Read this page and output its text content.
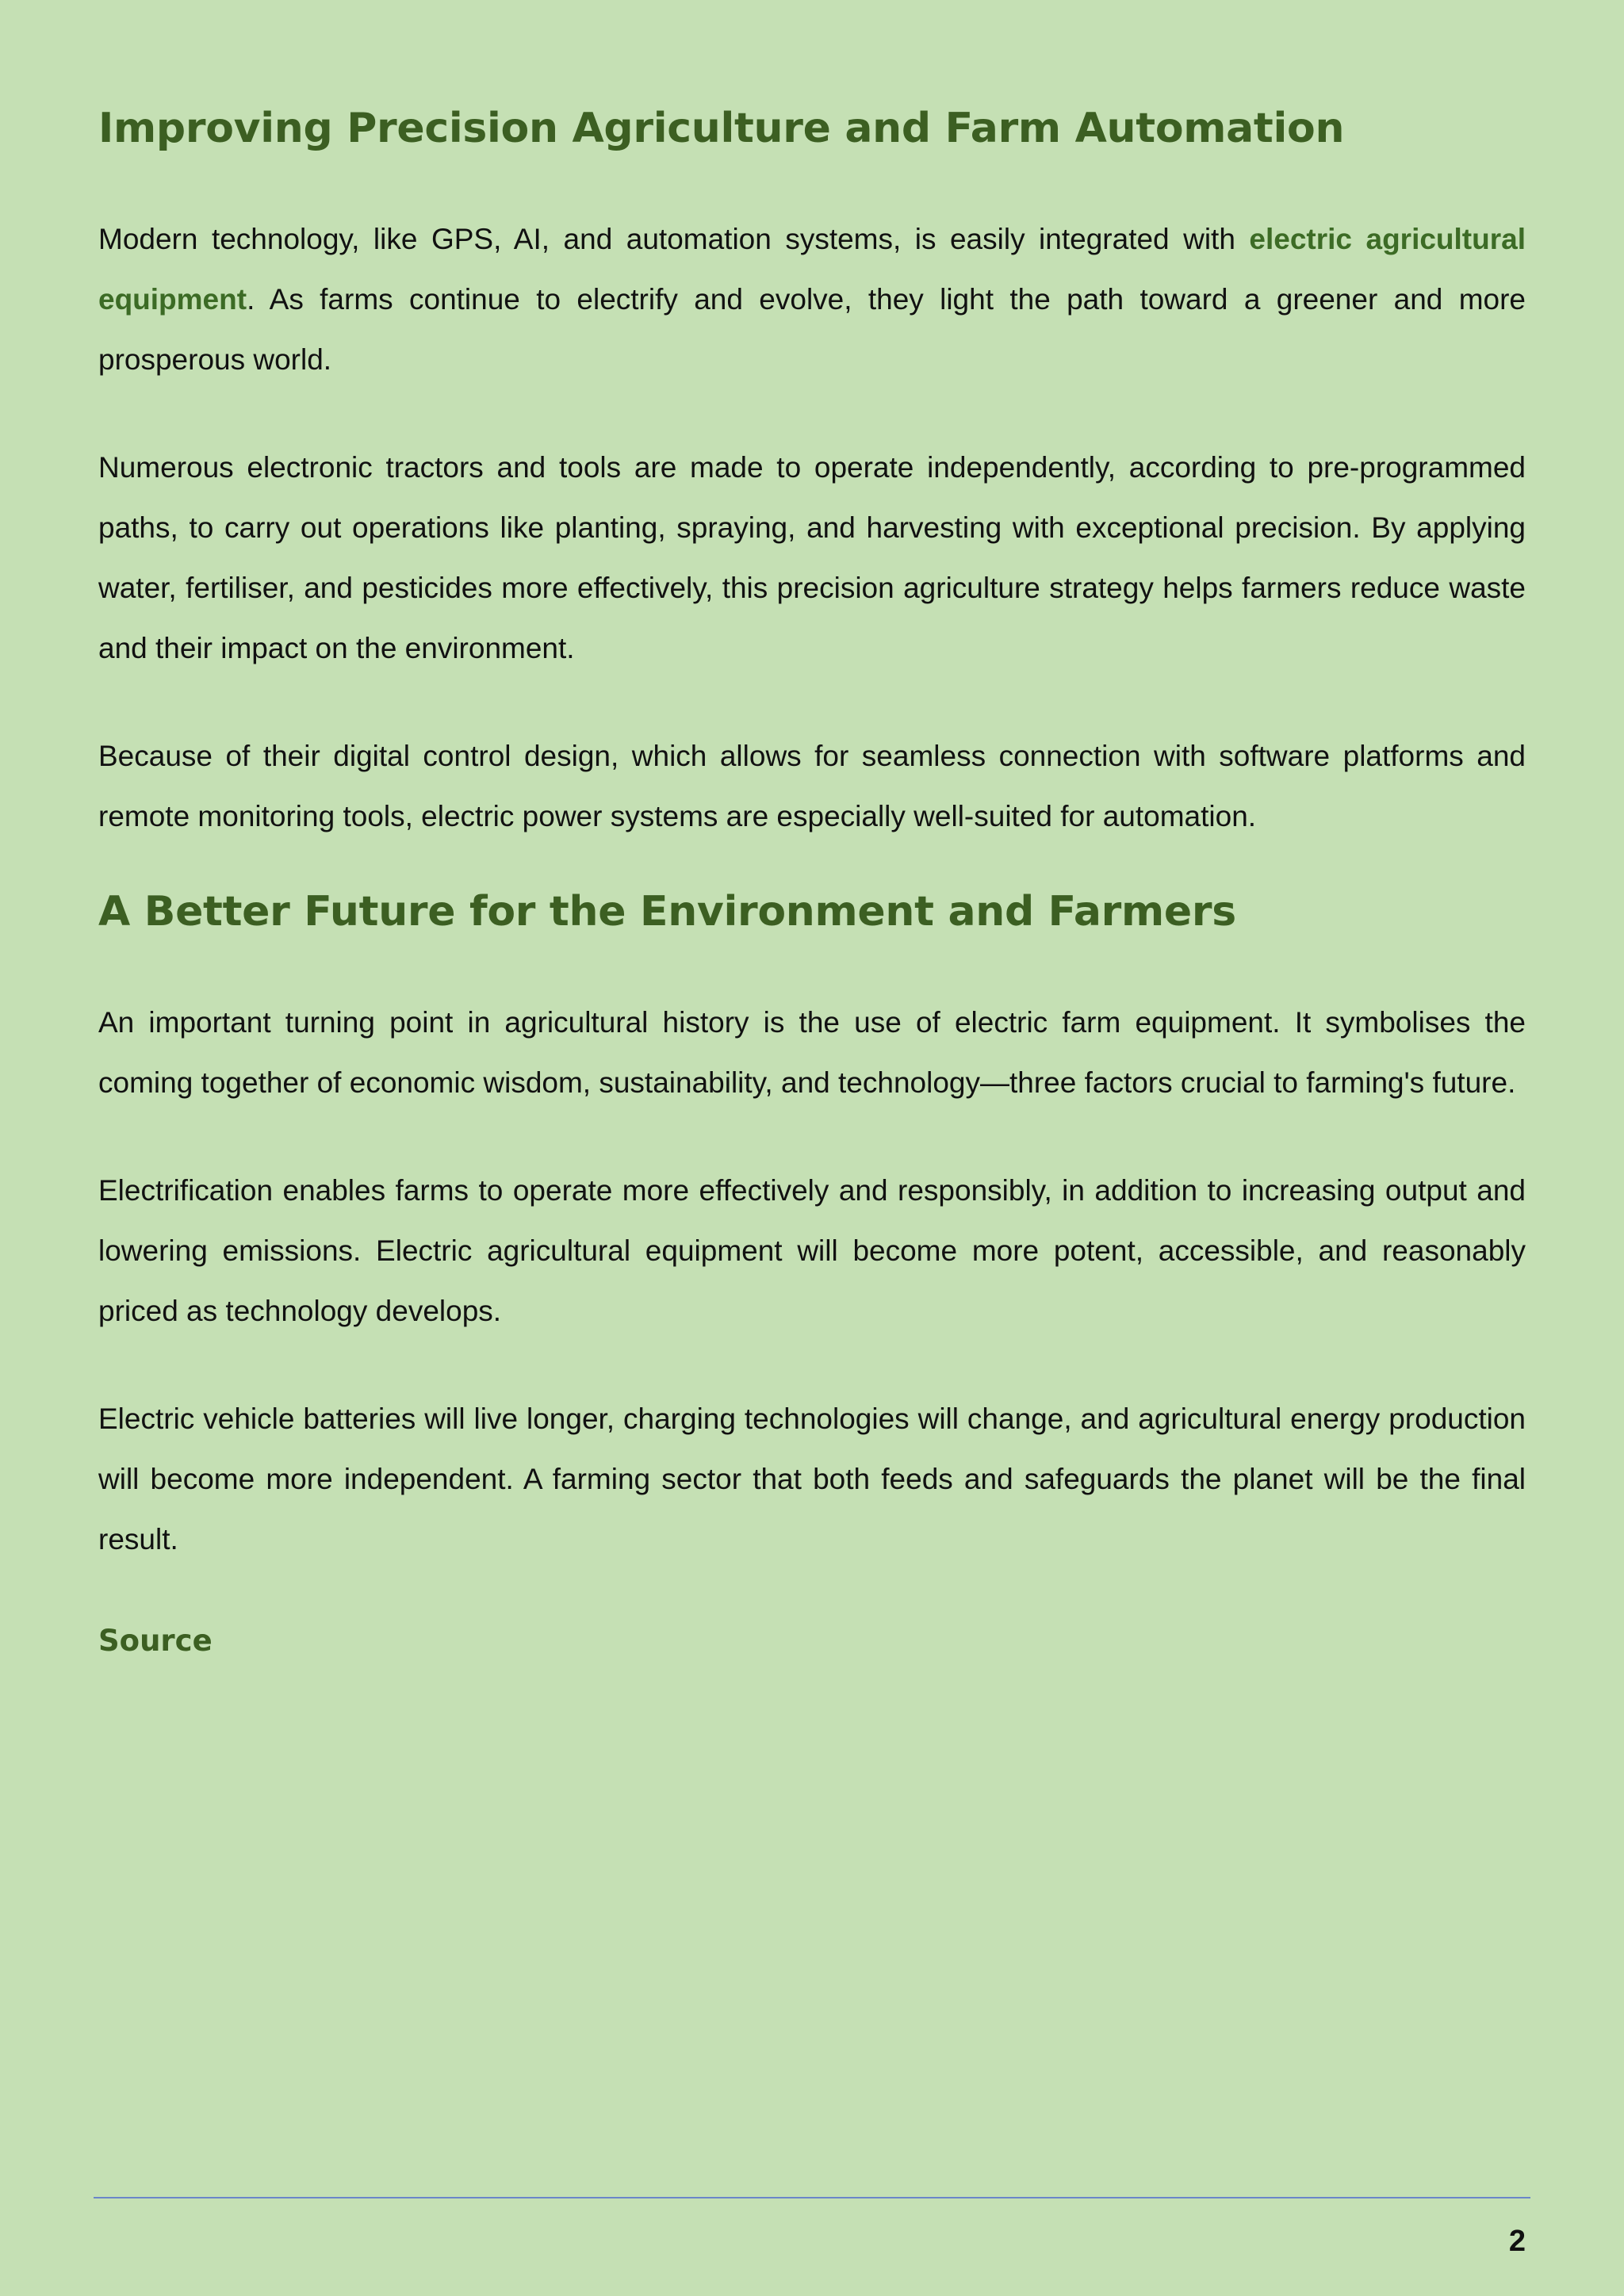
Improving Precision Agriculture and Farm Automation

Modern technology, like GPS, AI, and automation systems, is easily integrated with electric agricultural equipment. As farms continue to electrify and evolve, they light the path toward a greener and more prosperous world.

Numerous electronic tractors and tools are made to operate independently, according to pre-programmed paths, to carry out operations like planting, spraying, and harvesting with exceptional precision. By applying water, fertiliser, and pesticides more effectively, this precision agriculture strategy helps farmers reduce waste and their impact on the environment.

Because of their digital control design, which allows for seamless connection with software platforms and remote monitoring tools, electric power systems are especially well-suited for automation.

A Better Future for the Environment and Farmers

An important turning point in agricultural history is the use of electric farm equipment. It symbolises the coming together of economic wisdom, sustainability, and technology—three factors crucial to farming's future.

Electrification enables farms to operate more effectively and responsibly, in addition to increasing output and lowering emissions. Electric agricultural equipment will become more potent, accessible, and reasonably priced as technology develops.

Electric vehicle batteries will live longer, charging technologies will change, and agricultural energy production will become more independent. A farming sector that both feeds and safeguards the planet will be the final result.

Source
2
